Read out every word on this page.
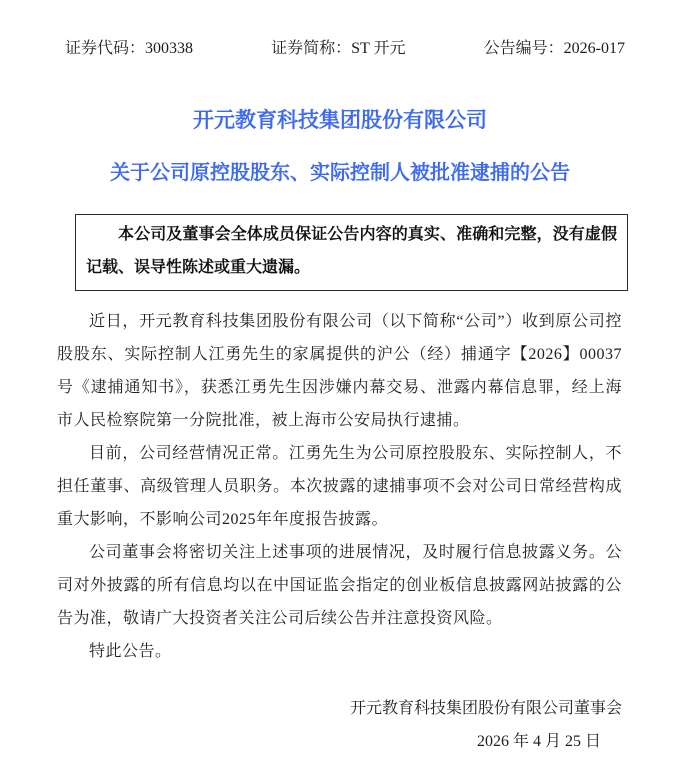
证券代码：300338	证券简称：ST 开元	公告编号：2026-017
开元教育科技集团股份有限公司
关于公司原控股股东、实际控制人被批准逮捕的公告

本公司及董事会全体成员保证公告内容的真实、准确和完整，没有虚假记载、误导性陈述或重大遗漏。

近日，开元教育科技集团股份有限公司（以下简称“公司”）收到原公司控股股东、实际控制人江勇先生的家属提供的沪公（经）捕通字【2026】00037号《逮捕通知书》，获悉江勇先生因涉嫌内幕交易、泄露内幕信息罪，经上海市人民检察院第一分院批准，被上海市公安局执行逮捕。

目前，公司经营情况正常。江勇先生为公司原控股股东、实际控制人，不担任董事、高级管理人员职务。本次披露的逮捕事项不会对公司日常经营构成重大影响，不影响公司2025年年度报告披露。

公司董事会将密切关注上述事项的进展情况，及时履行信息披露义务。公司对外披露的所有信息均以在中国证监会指定的创业板信息披露网站披露的公告为准，敬请广大投资者关注公司后续公告并注意投资风险。

特此公告。

开元教育科技集团股份有限公司董事会

2026 年 4 月 25 日
